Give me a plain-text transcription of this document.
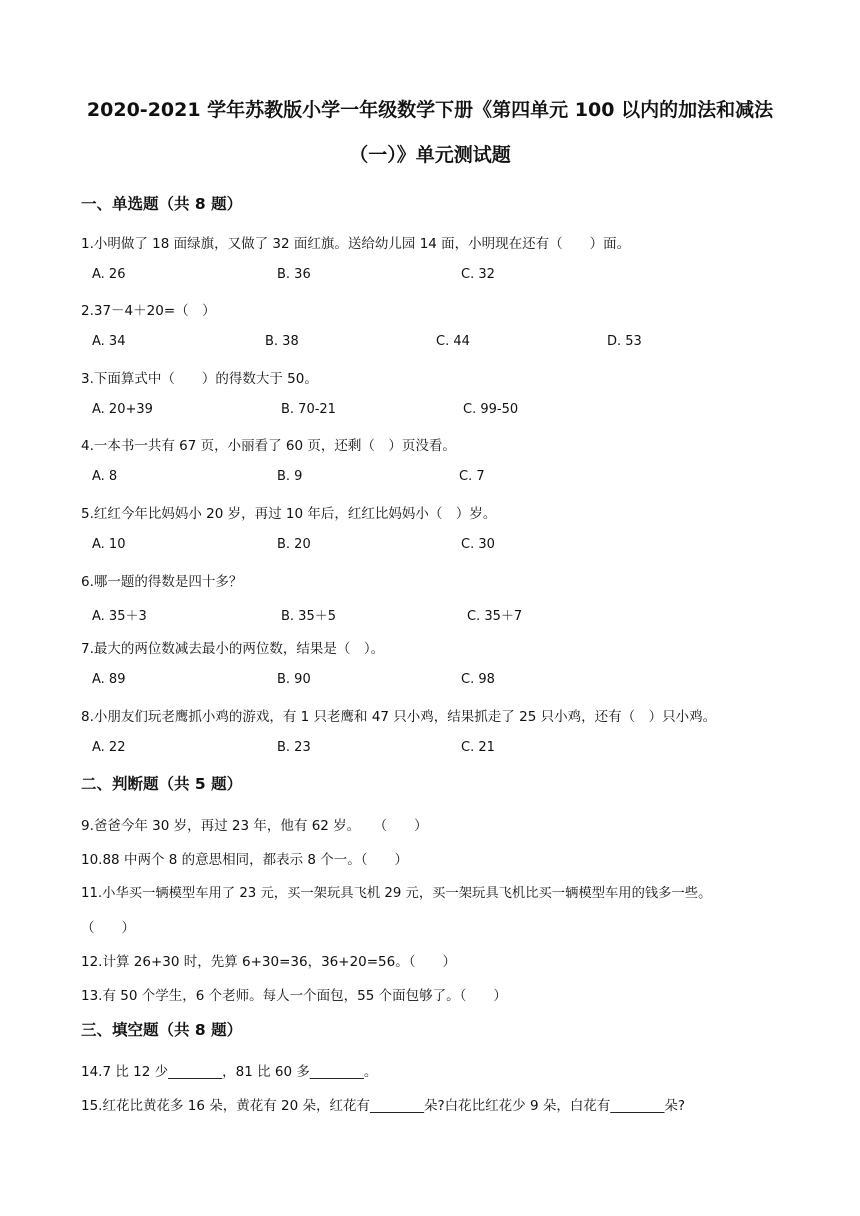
2020-2021 学年苏教版小学一年级数学下册《第四单元 100 以内的加法和减法
（一）》单元测试题
一、单选题（共 8 题）
1.小明做了 18 面绿旗，又做了 32 面红旗。送给幼儿园 14 面，小明现在还有（　　）面。
A. 26	B. 36	C. 32
2.37－4＋20=（　）
A. 34	B. 38	C. 44	D. 53
3.下面算式中（　　）的得数大于 50。
A. 20+39	B. 70-21	C. 99-50
4.一本书一共有 67 页，小丽看了 60 页，还剩（　）页没看。
A. 8	B. 9	C. 7
5.红红今年比妈妈小 20 岁，再过 10 年后，红红比妈妈小（　）岁。
A. 10	B. 20	C. 30
6.哪一题的得数是四十多？
A. 35＋3	B. 35＋5	C. 35＋7
7.最大的两位数减去最小的两位数，结果是（　）。
A. 89	B. 90	C. 98
8.小朋友们玩老鹰抓小鸡的游戏，有 1 只老鹰和 47 只小鸡，结果抓走了 25 只小鸡，还有（　）只小鸡。
A. 22	B. 23	C. 21
二、判断题（共 5 题）
9.爸爸今年 30 岁，再过 23 年，他有 62 岁。　　（　　）
10.88 中两个 8 的意思相同，都表示 8 个一。（　　）
11.小华买一辆模型车用了 23 元，买一架玩具飞机 29 元，买一架玩具飞机比买一辆模型车用的钱多一些。
（　　）
12.计算 26+30 时，先算 6+30=36，36+20=56。（　　）
13.有 50 个学生，6 个老师。每人一个面包，55 个面包够了。（　　）
三、填空题（共 8 题）
14.7 比 12 少________，81 比 60 多________。
15.红花比黄花多 16 朵，黄花有 20 朵，红花有________朵?白花比红花少 9 朵，白花有________朵?
